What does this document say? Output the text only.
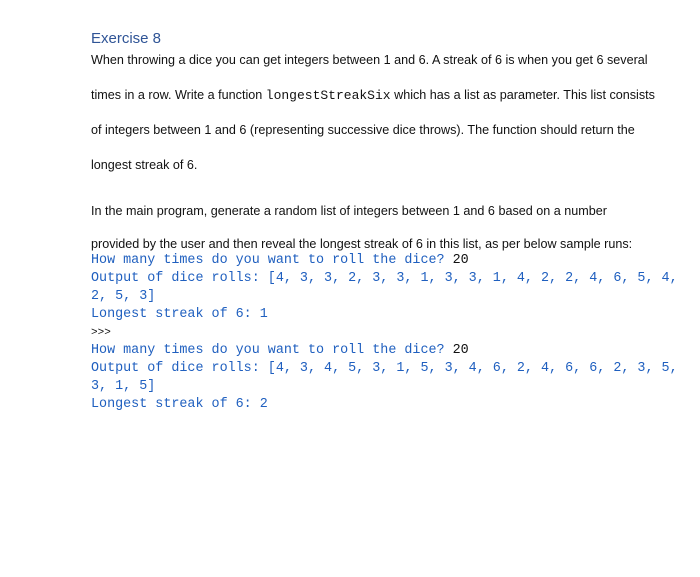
Exercise 8
When throwing a dice you can get integers between 1 and 6. A streak of 6 is when you get 6 several
times in a row. Write a function longestStreakSix which has a list as parameter. This list consists
of integers between 1 and 6 (representing successive dice throws). The function should return the
longest streak of 6.
In the main program, generate a random list of integers between 1 and 6 based on a number
provided by the user and then reveal the longest streak of 6 in this list, as per below sample runs:
How many times do you want to roll the dice? 20
Output of dice rolls: [4, 3, 3, 2, 3, 3, 1, 3, 3, 1, 4, 2, 2, 4, 6, 5, 4,
2, 5, 3]
Longest streak of 6: 1
>>>
How many times do you want to roll the dice? 20
Output of dice rolls: [4, 3, 4, 5, 3, 1, 5, 3, 4, 6, 2, 4, 6, 6, 2, 3, 5,
3, 1, 5]
Longest streak of 6: 2
